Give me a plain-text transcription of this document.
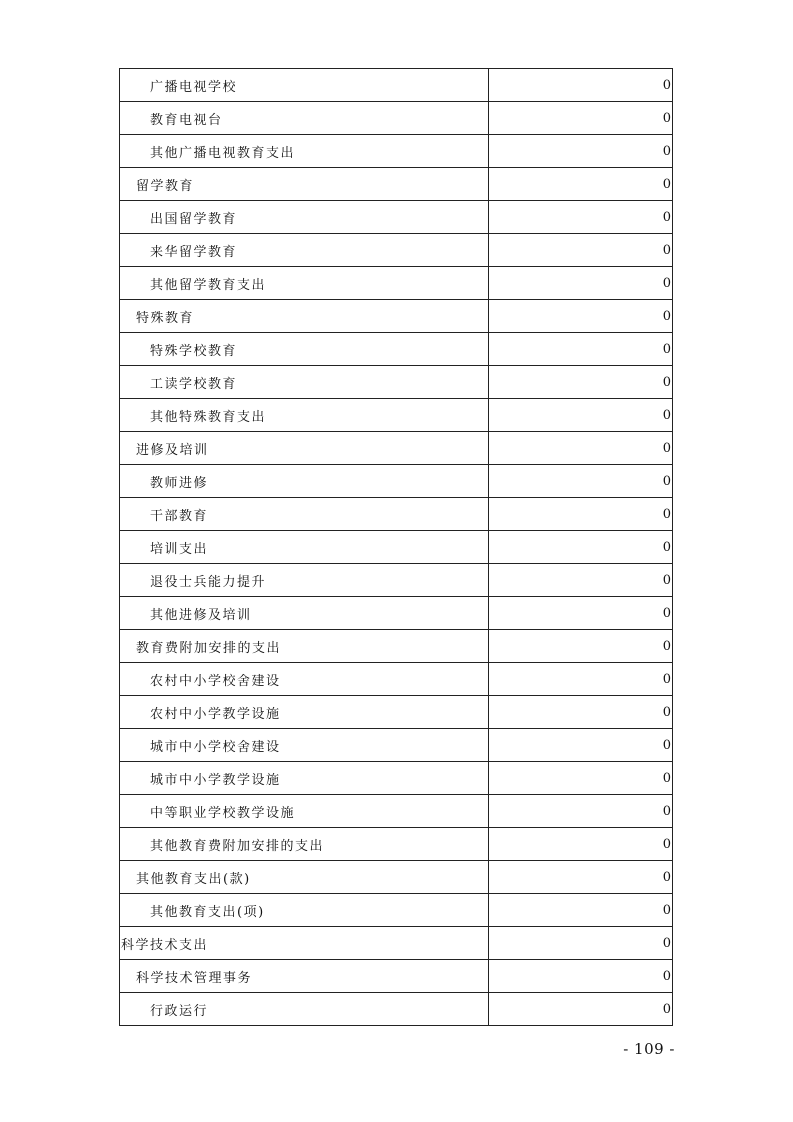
广播电视学校	0
教育电视台	0
其他广播电视教育支出	0
留学教育	0
出国留学教育	0
来华留学教育	0
其他留学教育支出	0
特殊教育	0
特殊学校教育	0
工读学校教育	0
其他特殊教育支出	0
进修及培训	0
教师进修	0
干部教育	0
培训支出	0
退役士兵能力提升	0
其他进修及培训	0
教育费附加安排的支出	0
农村中小学校舍建设	0
农村中小学教学设施	0
城市中小学校舍建设	0
城市中小学教学设施	0
中等职业学校教学设施	0
其他教育费附加安排的支出	0
其他教育支出(款)	0
其他教育支出(项)	0
科学技术支出	0
科学技术管理事务	0
行政运行	0
- 109 -
